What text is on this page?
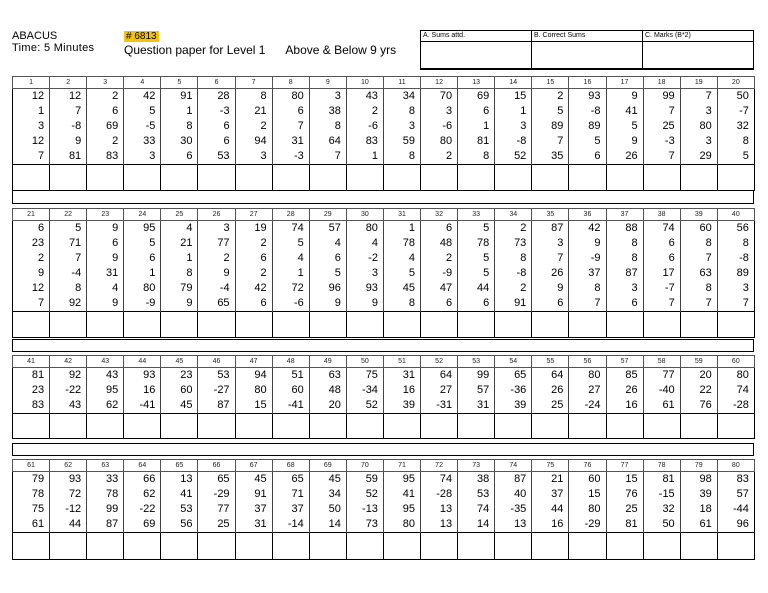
ABACUS
Time: 5 Minutes
# 6813
Question paper for Level 1 Above & Below 9 yrs
A. Sums attd.	B. Correct Sums	C. Marks (B*2)

1	2	3	4	5	6	7	8	9	10	11	12	13	14	15	16	17	18	19	20
12	12	2	42	91	28	8	80	3	43	34	70	69	15	2	93	9	99	7	50
1	7	6	5	1	-3	21	6	38	2	8	3	6	1	5	-8	41	7	3	-7
3	-8	69	-5	8	6	2	7	8	-6	3	-6	1	3	89	89	5	25	80	32
12	9	2	33	30	6	94	31	64	83	59	80	81	-8	7	5	9	-3	3	8
7	81	83	3	6	53	3	-3	7	1	8	2	8	52	35	6	26	7	29	5

21	22	23	24	25	26	27	28	29	30	31	32	33	34	35	36	37	38	39	40
6	5	9	95	4	3	19	74	57	80	1	6	5	2	87	42	88	74	60	56
23	71	6	5	21	77	2	5	4	4	78	48	78	73	3	9	8	6	8	8
2	7	9	6	1	2	6	4	6	-2	4	2	5	8	7	-9	8	6	7	-8
9	-4	31	1	8	9	2	1	5	3	5	-9	5	-8	26	37	87	17	63	89
12	8	4	80	79	-4	42	72	96	93	45	47	44	2	9	8	3	-7	8	3
7	92	9	-9	9	65	6	-6	9	9	8	6	6	91	6	7	6	7	7	7

41	42	43	44	45	46	47	48	49	50	51	52	53	54	55	56	57	58	59	60
81	92	43	93	23	53	94	51	63	75	31	64	99	65	64	80	85	77	20	80
23	-22	95	16	60	-27	80	60	48	-34	16	27	57	-36	26	27	26	-40	22	74
83	43	62	-41	45	87	15	-41	20	52	39	-31	31	39	25	-24	16	61	76	-28

61	62	63	64	65	66	67	68	69	70	71	72	73	74	75	76	77	78	79	80
79	93	33	66	13	65	45	65	45	59	95	74	38	87	21	60	15	81	98	83
78	72	78	62	41	-29	91	71	34	52	41	-28	53	40	37	15	76	-15	39	57
75	-12	99	-22	53	77	37	37	50	-13	95	13	74	-35	44	80	25	32	18	-44
61	44	87	69	56	25	31	-14	14	73	80	13	14	13	16	-29	81	50	61	96
